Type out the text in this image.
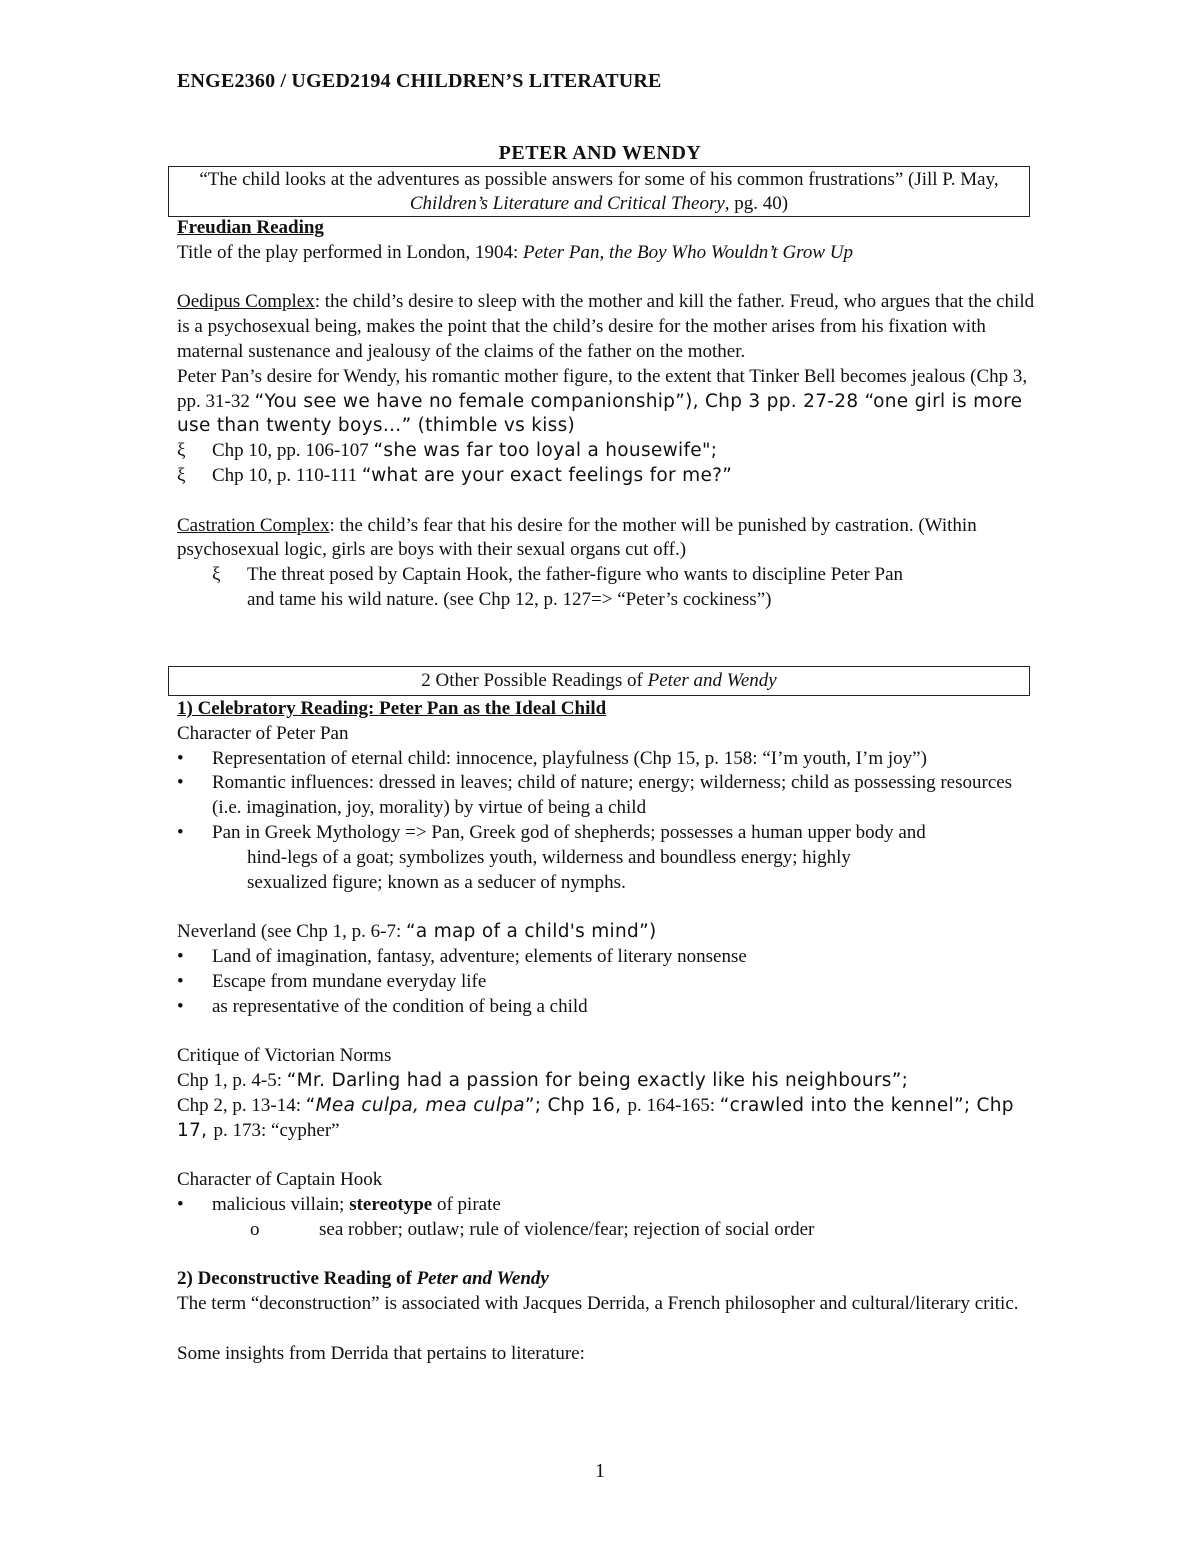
ENGE2360 / UGED2194 CHILDREN’S LITERATURE
PETER AND WENDY
“The child looks at the adventures as possible answers for some of his common frustrations” (Jill P. May,
Children’s Literature and Critical Theory, pg. 40)

Freudian Reading

Title of the play performed in London, 1904: Peter Pan, the Boy Who Wouldn’t Grow Up

Oedipus Complex: the child’s desire to sleep with the mother and kill the father. Freud, who argues that the child is a psychosexual being, makes the point that the child’s desire for the mother arises from his fixation with maternal sustenance and jealousy of the claims of the father on the mother.

Peter Pan’s desire for Wendy, his romantic mother figure, to the extent that Tinker Bell becomes jealous (Chp 3, pp. 31-32 “You see we have no female companionship”), Chp 3 pp. 27-28 “one girl is more use than twenty boys…” (thimble vs kiss)

ξ	Chp 10, pp. 106-107 “she was far too loyal a housewife";
ξ	Chp 10, p. 110-111 “what are your exact feelings for me?”

Castration Complex: the child’s fear that his desire for the mother will be punished by castration. (Within psychosexual logic, girls are boys with their sexual organs cut off.)

ξ	The threat posed by Captain Hook, the father-figure who wants to discipline Peter Pan
and tame his wild nature. (see Chp 12, p. 127=> “Peter’s cockiness”)
2 Other Possible Readings of Peter and Wendy

1) Celebratory Reading: Peter Pan as the Ideal Child

Character of Peter Pan

•	Representation of eternal child: innocence, playfulness (Chp 15, p. 158: “I’m youth, I’m joy”)
•	Romantic influences: dressed in leaves; child of nature; energy; wilderness; child as possessing resources (i.e. imagination, joy, morality) by virtue of being a child
•	Pan in Greek Mythology => Pan, Greek god of shepherds; possesses a human upper body and
hind-legs of a goat; symbolizes youth, wilderness and boundless energy; highly
sexualized figure; known as a seducer of nymphs.

Neverland (see Chp 1, p. 6-7: “a map of a child's mind”)

•	Land of imagination, fantasy, adventure; elements of literary nonsense
•	Escape from mundane everyday life
•	as representative of the condition of being a child

Critique of Victorian Norms

Chp 1, p. 4-5: “Mr. Darling had a passion for being exactly like his neighbours”;
Chp 2, p. 13-14: “Mea culpa, mea culpa”; Chp 16, p. 164-165: “crawled into the kennel”; Chp 17, p. 173: “cypher”

Character of Captain Hook

•	malicious villain; stereotype of pirate
o	sea robber; outlaw; rule of violence/fear; rejection of social order

2) Deconstructive Reading of Peter and Wendy

The term “deconstruction” is associated with Jacques Derrida, a French philosopher and cultural/literary critic.

Some insights from Derrida that pertains to literature:

1
